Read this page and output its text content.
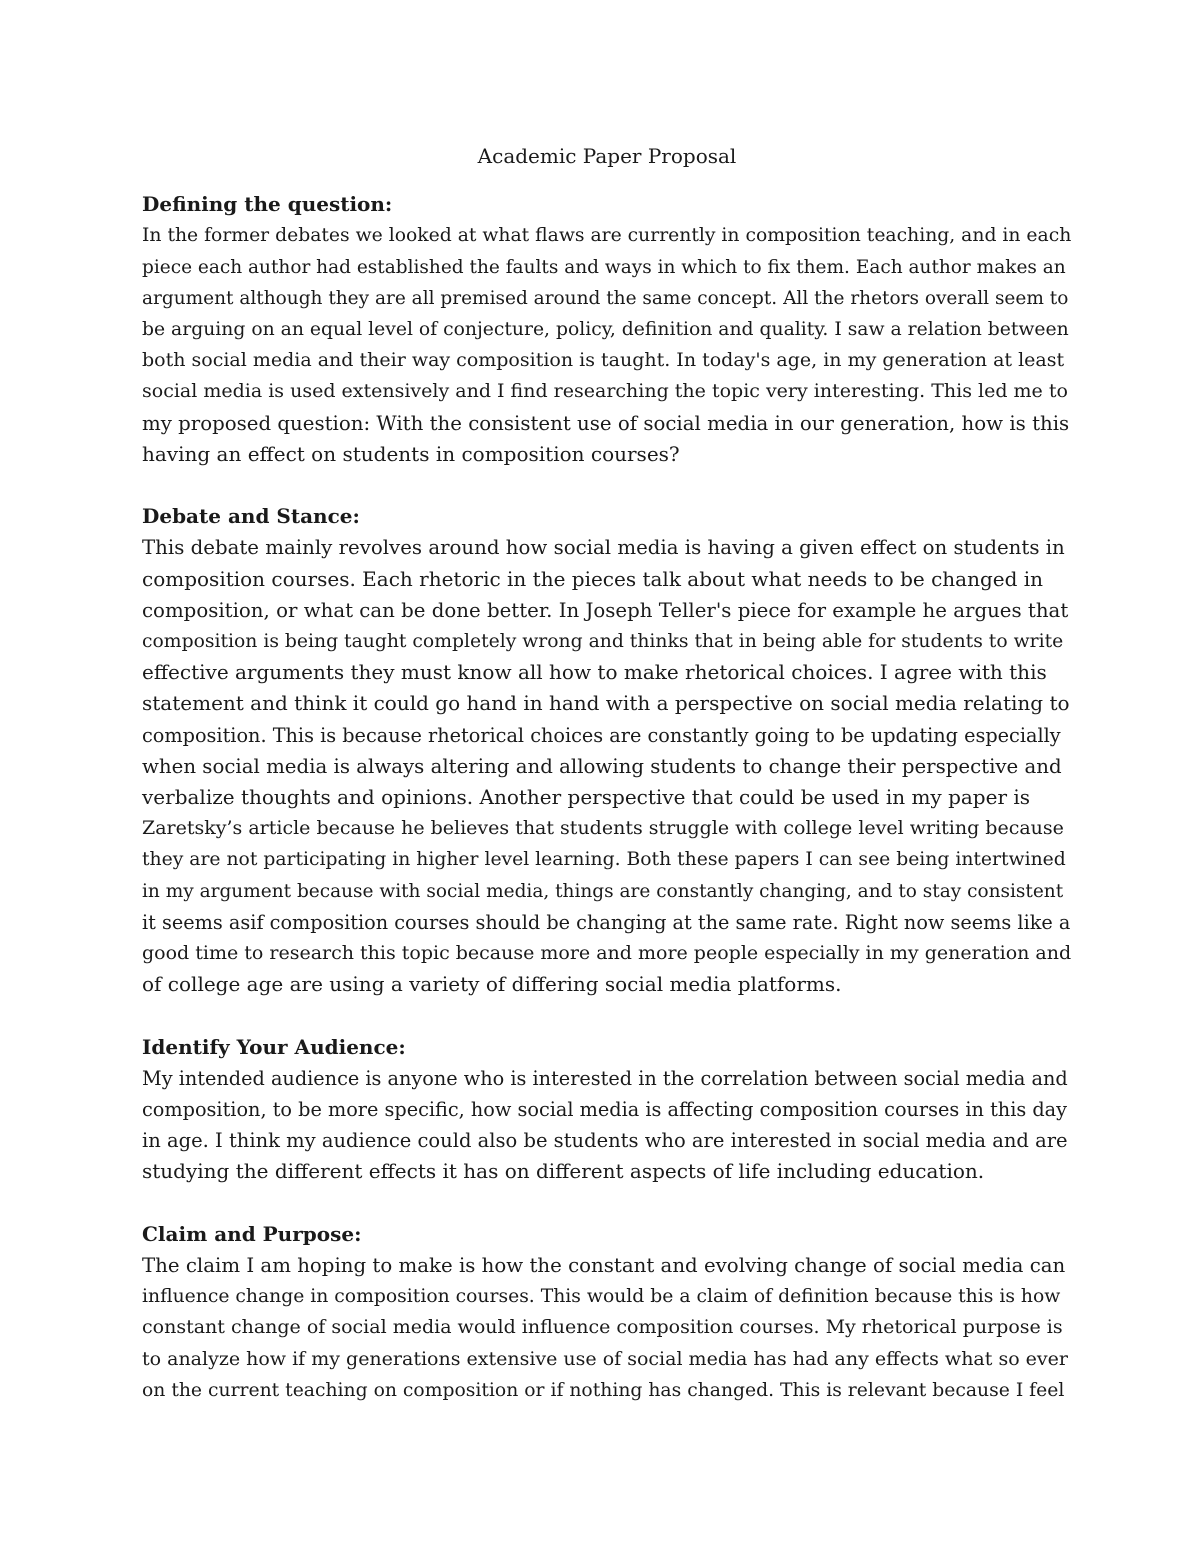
Academic Paper Proposal
Defining the question:
In the former debates we looked at what flaws are currently in composition teaching, and in each
piece each author had established the faults and ways in which to fix them. Each author makes an
argument although they are all premised around the same concept. All the rhetors overall seem to
be arguing on an equal level of conjecture, policy, definition and quality. I saw a relation between
both social media and their way composition is taught. In today's age, in my generation at least
social media is used extensively and I find researching the topic very interesting. This led me to
my proposed question: With the consistent use of social media in our generation, how is this
having an effect on students in composition courses?
Debate and Stance:
This debate mainly revolves around how social media is having a given effect on students in
composition courses. Each rhetoric in the pieces talk about what needs to be changed in
composition, or what can be done better. In Joseph Teller's piece for example he argues that
composition is being taught completely wrong and thinks that in being able for students to write
effective arguments they must know all how to make rhetorical choices. I agree with this
statement and think it could go hand in hand with a perspective on social media relating to
composition. This is because rhetorical choices are constantly going to be updating especially
when social media is always altering and allowing students to change their perspective and
verbalize thoughts and opinions. Another perspective that could be used in my paper is
Zaretsky’s article because he believes that students struggle with college level writing because
they are not participating in higher level learning. Both these papers I can see being intertwined
in my argument because with social media, things are constantly changing, and to stay consistent
it seems asif composition courses should be changing at the same rate. Right now seems like a
good time to research this topic because more and more people especially in my generation and
of college age are using a variety of differing social media platforms.
Identify Your Audience:
My intended audience is anyone who is interested in the correlation between social media and
composition, to be more specific, how social media is affecting composition courses in this day
in age. I think my audience could also be students who are interested in social media and are
studying the different effects it has on different aspects of life including education.
Claim and Purpose:
The claim I am hoping to make is how the constant and evolving change of social media can
influence change in composition courses. This would be a claim of definition because this is how
constant change of social media would influence composition courses. My rhetorical purpose is
to analyze how if my generations extensive use of social media has had any effects what so ever
on the current teaching on composition or if nothing has changed. This is relevant because I feel
